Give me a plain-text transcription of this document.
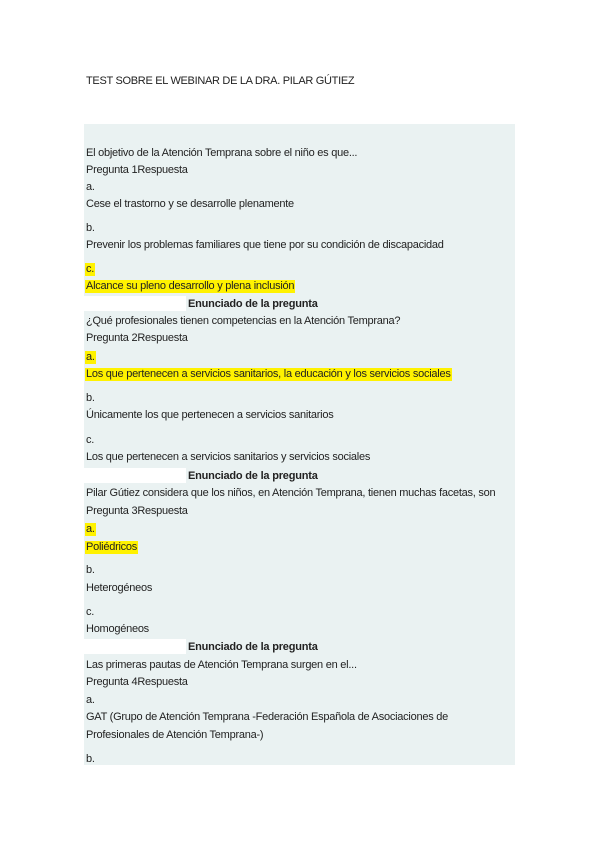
TEST SOBRE EL WEBINAR DE LA DRA. PILAR GÚTIEZ
El objetivo de la Atención Temprana sobre el niño es que...
Pregunta 1Respuesta
a.
Cese el trastorno y se desarrolle plenamente
b.
Prevenir los problemas familiares que tiene por su condición de discapacidad
c.
Alcance su pleno desarrollo y plena inclusión
Enunciado de la pregunta
¿Qué profesionales tienen competencias en la Atención Temprana?
Pregunta 2Respuesta
a.
Los que pertenecen a servicios sanitarios, la educación y los servicios sociales
b.
Únicamente los que pertenecen a servicios sanitarios
c.
Los que pertenecen a servicios sanitarios y servicios sociales
Enunciado de la pregunta
Pilar Gútiez considera que los niños, en Atención Temprana, tienen muchas facetas, son
Pregunta 3Respuesta
a.
Poliédricos
b.
Heterogéneos
c.
Homogéneos
Enunciado de la pregunta
Las primeras pautas de Atención Temprana surgen en el...
Pregunta 4Respuesta
a.
GAT (Grupo de Atención Temprana -Federación Española de Asociaciones de
Profesionales de Atención Temprana-)
b.
